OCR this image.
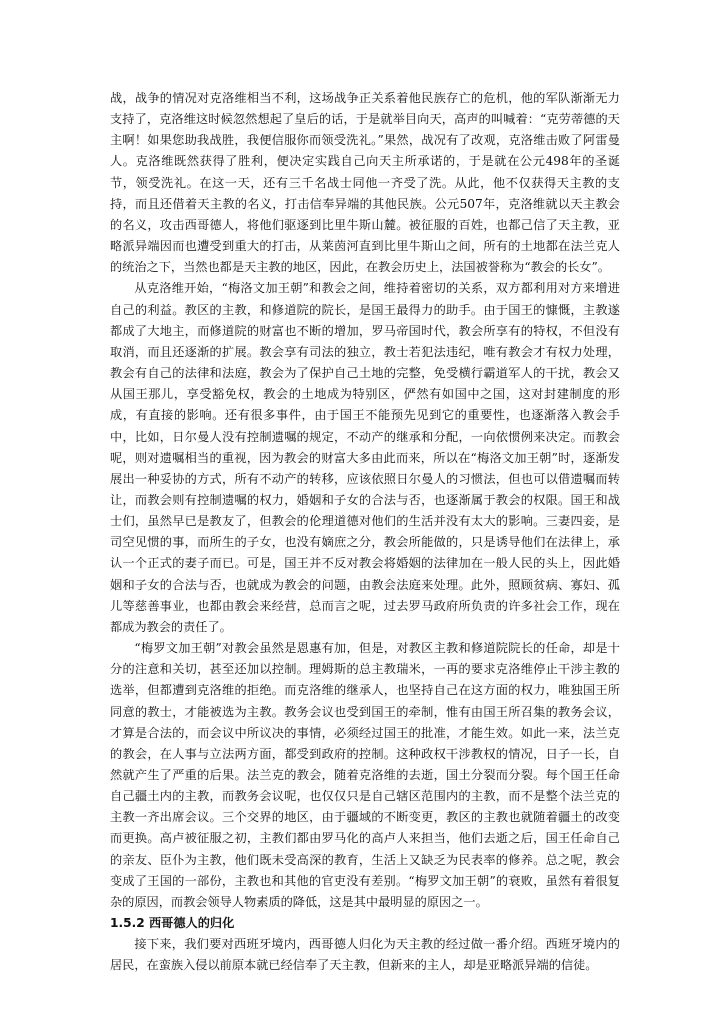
战，战争的情况对克洛维相当不利，这场战争正关系着他民族存亡的危机，他的军队渐渐无力支持了，克洛维这时候忽然想起了皇后的话，于是就举目向天，高声的叫喊着：“克劳蒂德的天主啊！如果您助我战胜，我便信服你而领受洗礼。”果然，战况有了改观，克洛维击败了阿雷曼人。克洛维既然获得了胜利，便决定实践自己向天主所承诺的，于是就在公元498年的圣诞节，领受洗礼。在这一天，还有三千名战士同他一齐受了洗。从此，他不仅获得天主教的支持，而且还借着天主教的名义，打击信奉异端的其他民族。公元507年，克洛维就以天主教会的名义，攻击西哥德人，将他们驱逐到比里牛斯山麓。被征服的百姓，也都己信了天主教，亚略派异端因而也遭受到重大的打击，从莱茵河直到比里牛斯山之间，所有的土地都在法兰克人的统治之下，当然也都是天主教的地区，因此，在教会历史上，法国被誉称为“教会的长女”。

从克洛维开始，“梅洛文加王朝”和教会之间，维持着密切的关系，双方都利用对方来增进自己的利益。教区的主教，和修道院的院长，是国王最得力的助手。由于国王的慷慨，主教遂都成了大地主，而修道院的财富也不断的增加，罗马帝国时代，教会所享有的特权，不但没有取消，而且还逐渐的扩展。教会享有司法的独立，教士若犯法违纪，唯有教会才有权力处理，教会有自己的法律和法庭，教会为了保护自己土地的完整，免受横行霸道军人的干扰，教会又从国王那儿，享受豁免权，教会的土地成为特别区，俨然有如国中之国，这对封建制度的形成，有直接的影响。还有很多事件，由于国王不能预先见到它的重要性，也逐渐落入教会手中，比如，日尔曼人没有控制遗嘱的规定，不动产的继承和分配，一向依惯例来决定。而教会呢，则对遗嘱相当的重视，因为教会的财富大多由此而来，所以在“梅洛文加王朝”时，逐渐发展出一种妥协的方式，所有不动产的转移，应该依照日尔曼人的习惯法，但也可以借遗嘱而转让，而教会则有控制遗嘱的权力，婚姻和子女的合法与否，也逐渐属于教会的权限。国王和战士们，虽然早已是教友了，但教会的伦理道德对他们的生活并没有太大的影响。三妻四妾，是司空见惯的事，而所生的子女，也没有嫡庶之分，教会所能做的，只是诱导他们在法律上，承认一个正式的妻子而已。可是，国王并不反对教会将婚姻的法律加在一般人民的头上，因此婚姻和子女的合法与否，也就成为教会的问题，由教会法庭来处理。此外，照顾贫病、寡妇、孤儿等慈善事业，也都由教会来经营，总而言之呢，过去罗马政府所负责的许多社会工作，现在都成为教会的责任了。

“梅罗文加王朝”对教会虽然是恩惠有加，但是，对教区主教和修道院院长的任命，却是十分的注意和关切，甚至还加以控制。理姆斯的总主教瑞米，一再的要求克洛维停止干涉主教的选举，但都遭到克洛维的拒绝。而克洛维的继承人，也坚持自己在这方面的权力，唯独国王所同意的教士，才能被选为主教。教务会议也受到国王的牵制，惟有由国王所召集的教务会议，才算是合法的，而会议中所议决的事情，必须经过国王的批准，才能生效。如此一来，法兰克的教会，在人事与立法两方面，都受到政府的控制。这种政权干涉教权的情况，日子一长，自然就产生了严重的后果。法兰克的教会，随着克洛维的去逝，国土分裂而分裂。每个国王任命自己疆土内的主教，而教务会议呢，也仅仅只是自己辖区范围内的主教，而不是整个法兰克的主教一齐出席会议。三个交界的地区，由于疆域的不断变更，教区的主教也就随着疆土的改变而更换。高卢被征服之初，主教们都由罗马化的高卢人来担当，他们去逝之后，国王任命自己的亲友、臣仆为主教，他们既未受高深的教育，生活上又缺乏为民表率的修养。总之呢，教会变成了王国的一部份，主教也和其他的官吏没有差别。“梅罗文加王朝”的衰败，虽然有着很复杂的原因，而教会领导人物素质的降低，这是其中最明显的原因之一。

1.5.2 西哥德人的归化

接下来，我们要对西班牙境内，西哥德人归化为天主教的经过做一番介绍。西班牙境内的居民，在蛮族入侵以前原本就已经信奉了天主教，但新来的主人，却是亚略派异端的信徒。
